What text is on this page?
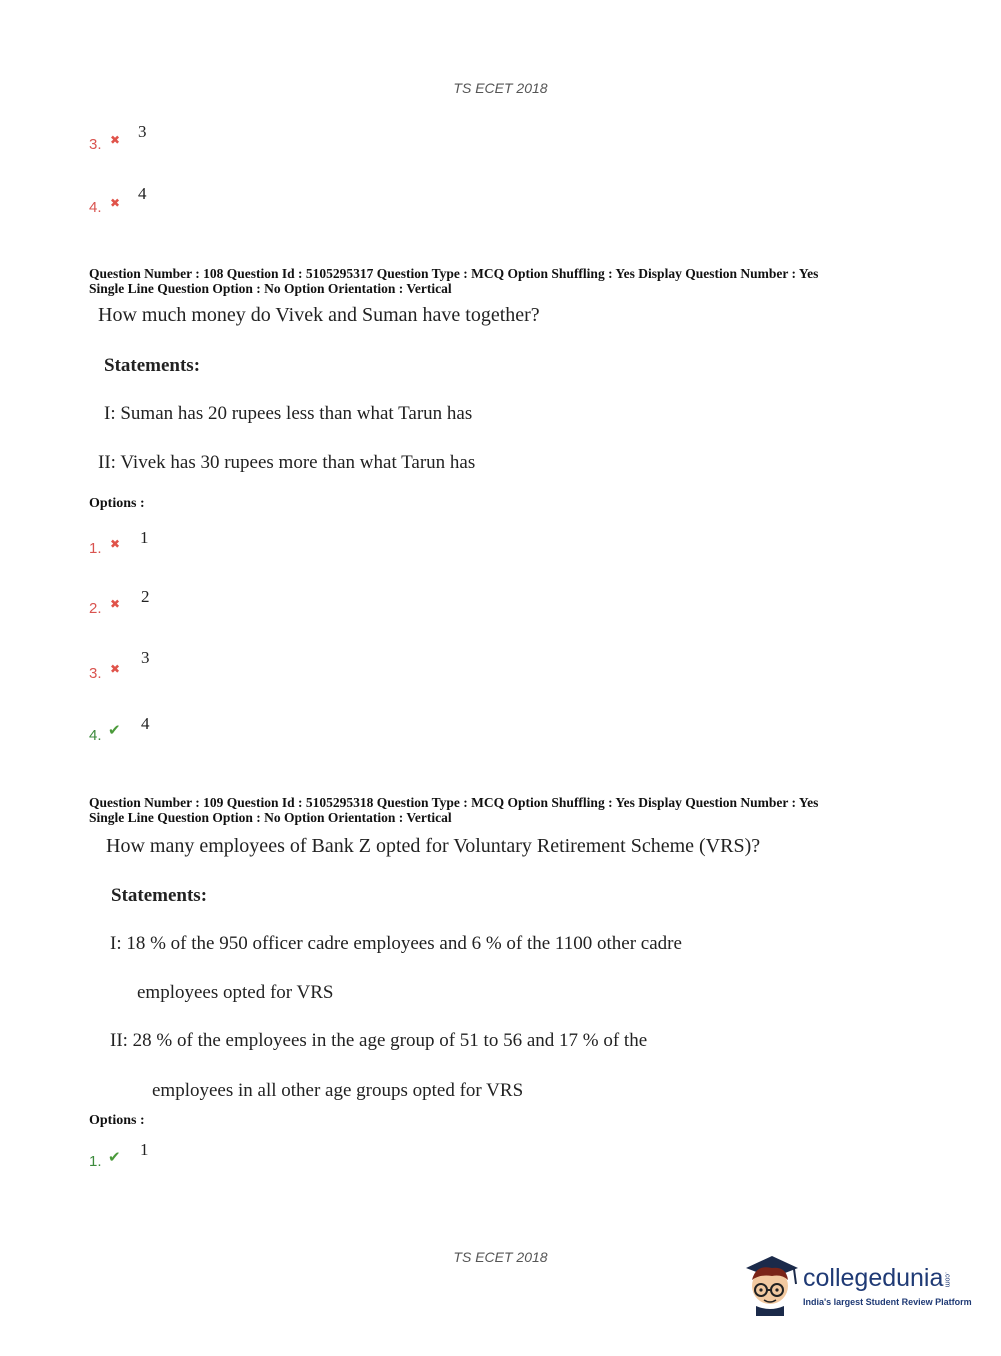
TS ECET 2018
3. ✖ 3
4. ✖ 4
Question Number : 108 Question Id : 5105295317 Question Type : MCQ Option Shuffling : Yes Display Question Number : Yes
Single Line Question Option : No Option Orientation : Vertical
How much money do Vivek and Suman have together?
Statements:
I: Suman has 20 rupees less than what Tarun has
II: Vivek has 30 rupees more than what Tarun has
Options :
1. ✖ 1
2. ✖ 2
3. ✖
3
4. ✔ 4
Question Number : 109 Question Id : 5105295318 Question Type : MCQ Option Shuffling : Yes Display Question Number : Yes
Single Line Question Option : No Option Orientation : Vertical
How many employees of Bank Z opted for Voluntary Retirement Scheme (VRS)?
Statements:
I: 18 % of the 950 officer cadre employees and 6 % of the 1100 other cadre
employees opted for VRS
II: 28 % of the employees in the age group of 51 to 56 and 17 % of the
employees in all other age groups opted for VRS
Options :
1. ✔ 1
TS ECET 2018
collegedunia.com
India's largest Student Review Platform
